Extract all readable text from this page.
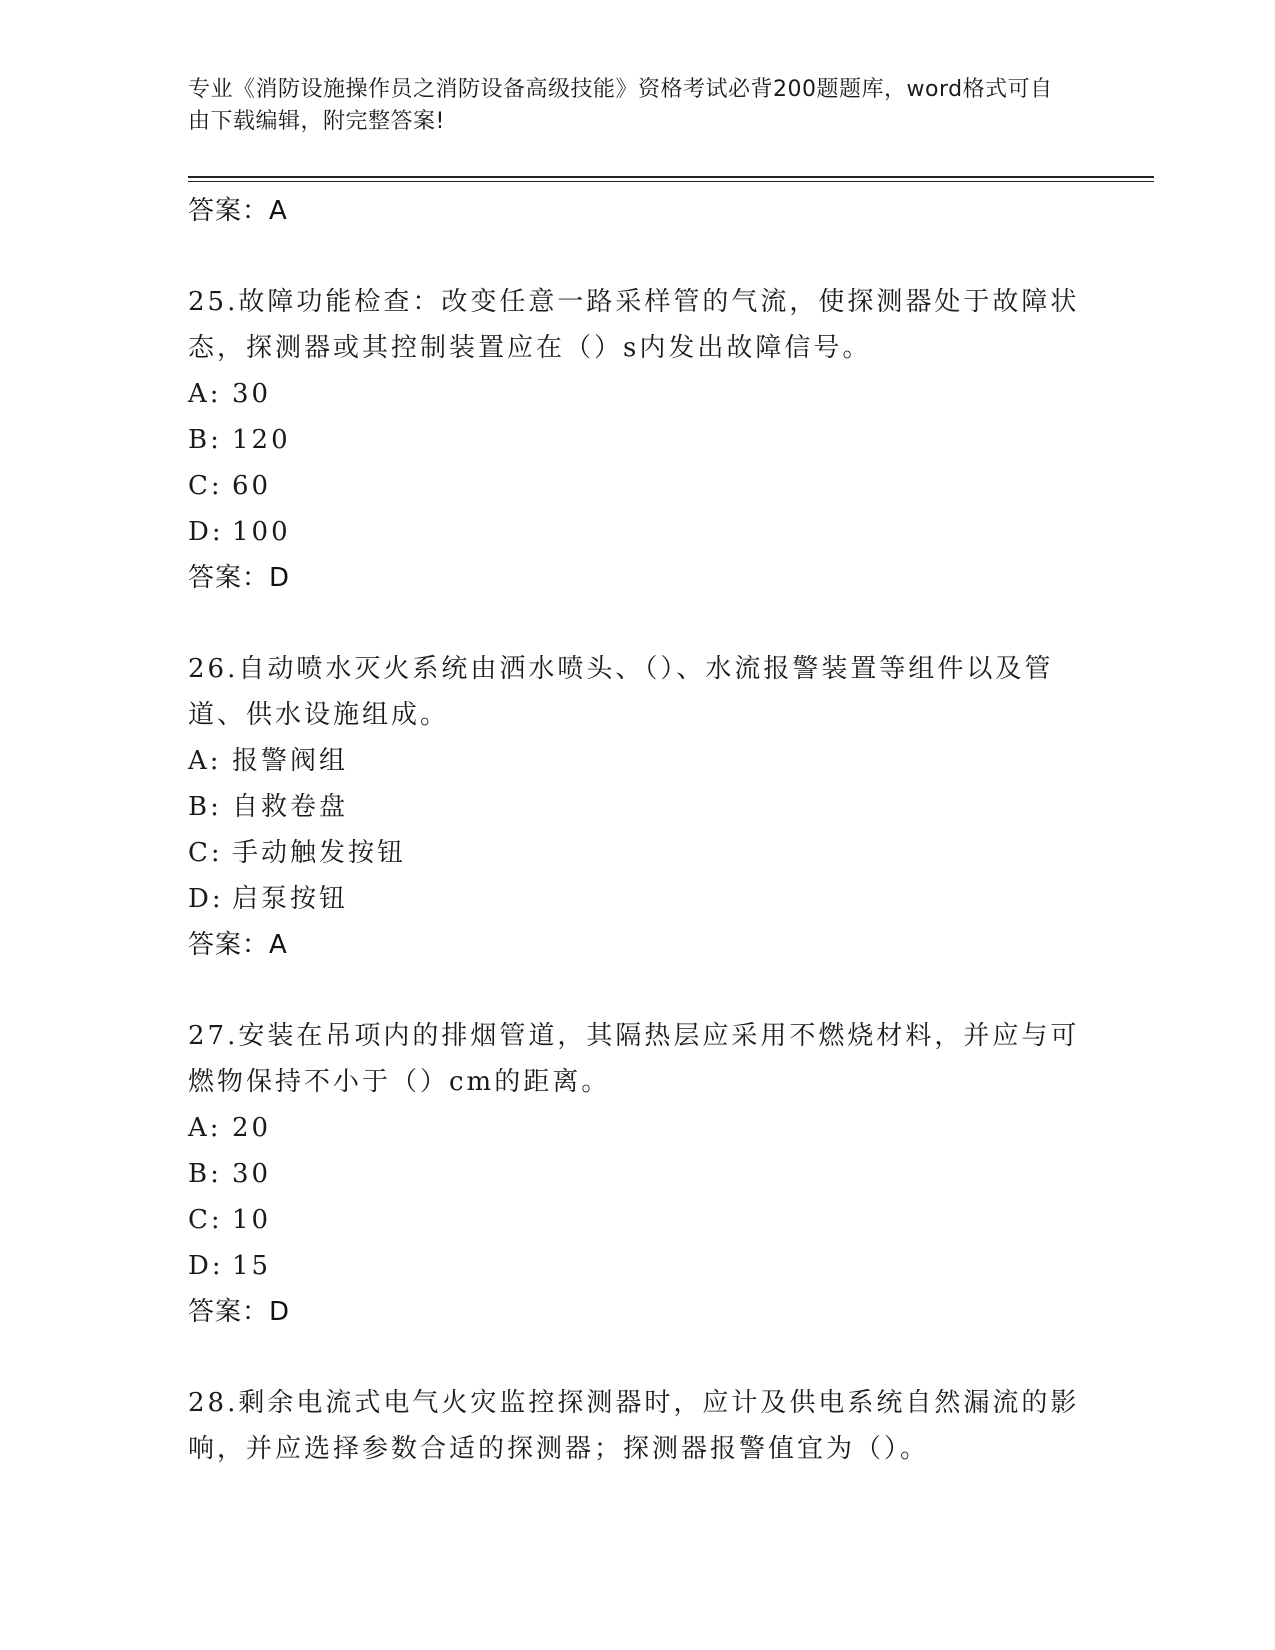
专业《消防设施操作员之消防设备高级技能》资格考试必背200题题库，word格式可自由下载编辑，附完整答案!
答案：A
25.故障功能检查：改变任意一路采样管的气流，使探测器处于故障状态，探测器或其控制装置应在（）s内发出故障信号。
A: 30
B: 120
C: 60
D: 100
答案：D
26.自动喷水灭火系统由洒水喷头、（）、水流报警装置等组件以及管道、供水设施组成。
A: 报警阀组
B: 自救卷盘
C: 手动触发按钮
D: 启泵按钮
答案：A
27.安装在吊项内的排烟管道，其隔热层应采用不燃烧材料，并应与可燃物保持不小于（）cm的距离。
A: 20
B: 30
C: 10
D: 15
答案：D
28.剩余电流式电气火灾监控探测器时，应计及供电系统自然漏流的影响，并应选择参数合适的探测器；探测器报警值宜为（）。
